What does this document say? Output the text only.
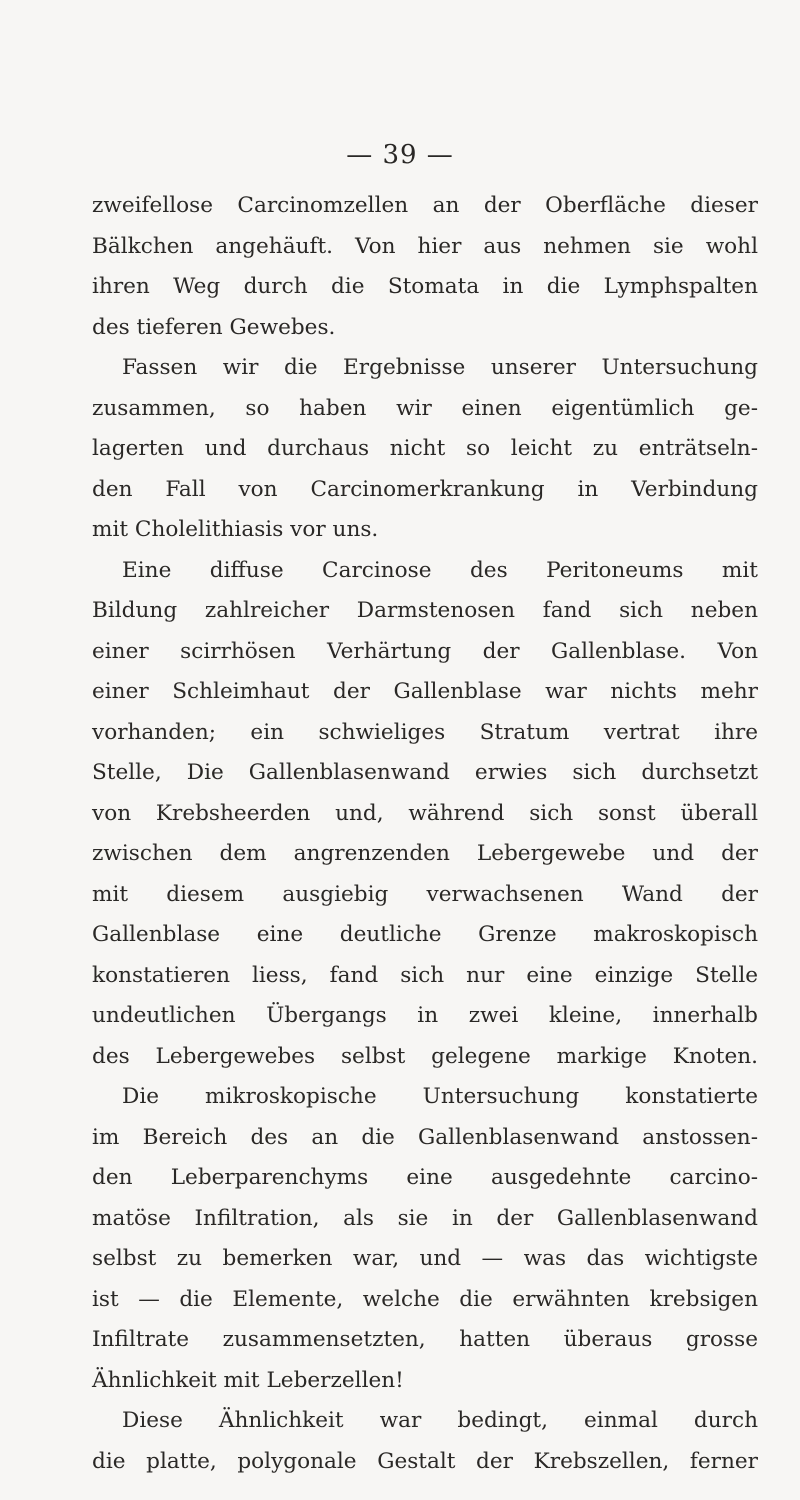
— 39 —
zweifellose Carcinomzellen an der Oberfläche dieser
Bälkchen angehäuft. Von hier aus nehmen sie wohl
ihren Weg durch die Stomata in die Lymphspalten
des tieferen Gewebes.
Fassen wir die Ergebnisse unserer Untersuchung
zusammen, so haben wir einen eigentümlich ge-
lagerten und durchaus nicht so leicht zu enträtseln-
den Fall von Carcinomerkrankung in Verbindung
mit Cholelithiasis vor uns.
Eine diffuse Carcinose des Peritoneums mit
Bildung zahlreicher Darmstenosen fand sich neben
einer scirrhösen Verhärtung der Gallenblase. Von
einer Schleimhaut der Gallenblase war nichts mehr
vorhanden; ein schwieliges Stratum vertrat ihre
Stelle, Die Gallenblasenwand erwies sich durchsetzt
von Krebsheerden und, während sich sonst überall
zwischen dem angrenzenden Lebergewebe und der
mit diesem ausgiebig verwachsenen Wand der
Gallenblase eine deutliche Grenze makroskopisch
konstatieren liess, fand sich nur eine einzige Stelle
undeutlichen Übergangs in zwei kleine, innerhalb
des Lebergewebes selbst gelegene markige Knoten.
Die mikroskopische Untersuchung konstatierte
im Bereich des an die Gallenblasenwand anstossen-
den Leberparenchyms eine ausgedehnte carcino-
matöse Infiltration, als sie in der Gallenblasenwand
selbst zu bemerken war, und — was das wichtigste
ist — die Elemente, welche die erwähnten krebsigen
Infiltrate zusammensetzten, hatten überaus grosse
Ähnlichkeit mit Leberzellen!
Diese Ähnlichkeit war bedingt, einmal durch
die platte, polygonale Gestalt der Krebszellen, ferner
